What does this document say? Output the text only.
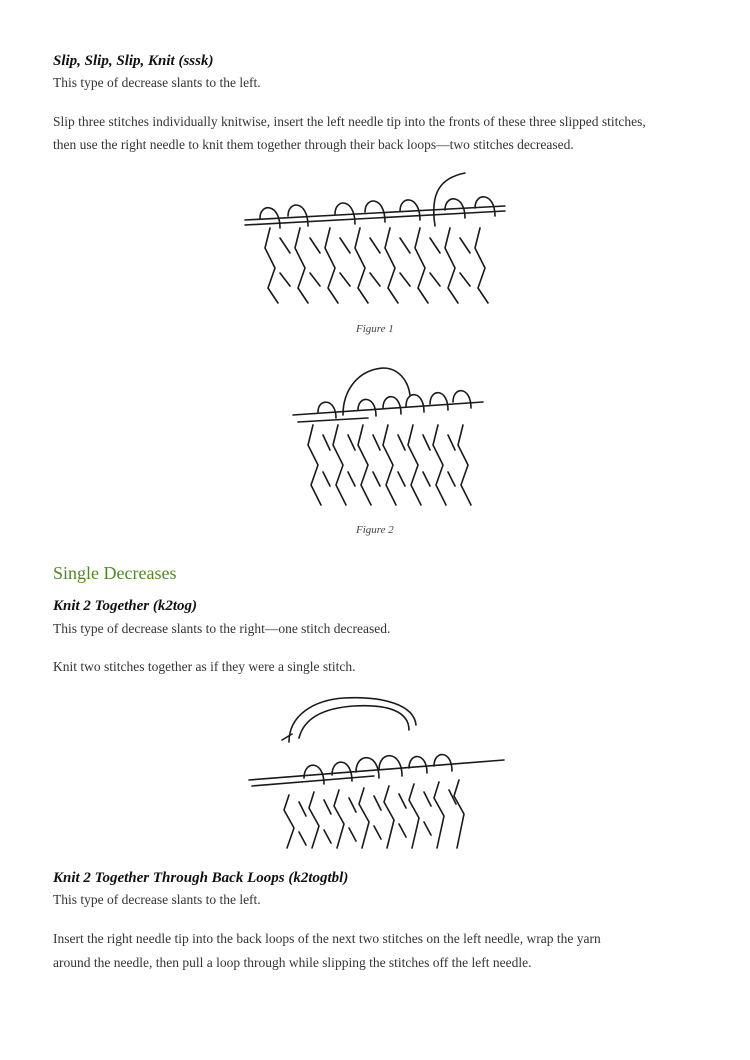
Slip, Slip, Slip, Knit (sssk)
This type of decrease slants to the left.
Slip three stitches individually knitwise, insert the left needle tip into the fronts of these three slipped stitches,
then use the right needle to knit them together through their back loops—two stitches decreased.
Figure 1
Figure 2
Single Decreases
Knit 2 Together (k2tog)
This type of decrease slants to the right—one stitch decreased.
Knit two stitches together as if they were a single stitch.
Knit 2 Together Through Back Loops (k2togtbl)
This type of decrease slants to the left.
Insert the right needle tip into the back loops of the next two stitches on the left needle, wrap the yarn
around the needle, then pull a loop through while slipping the stitches off the left needle.
